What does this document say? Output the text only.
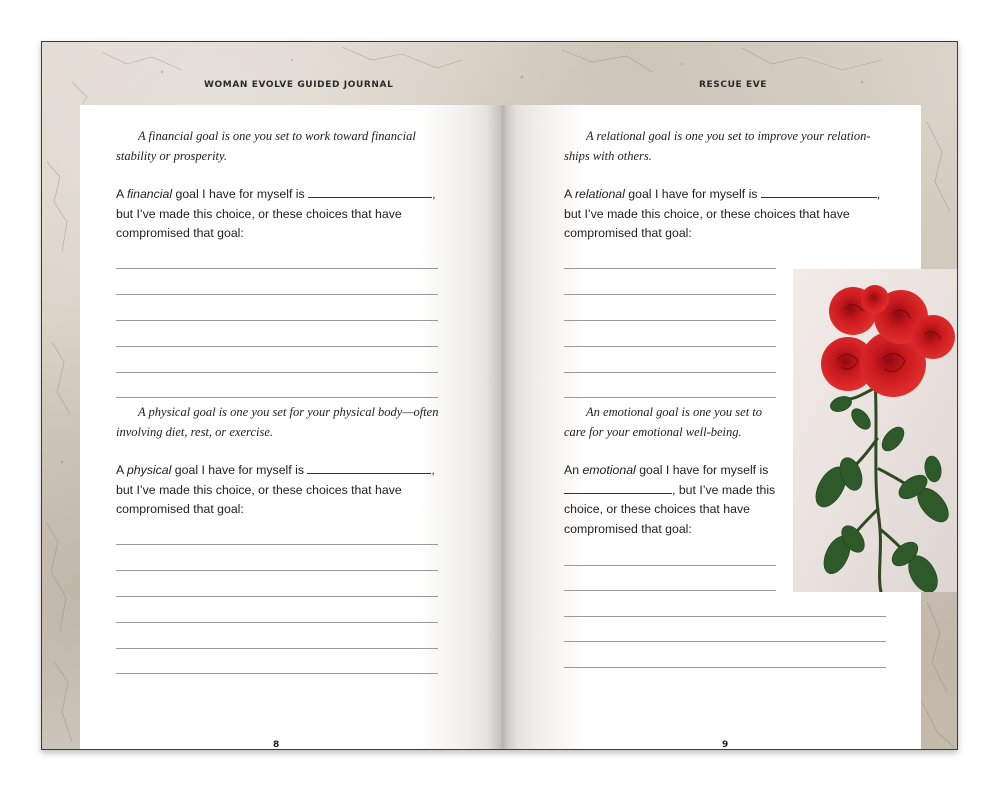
WOMAN EVOLVE GUIDED JOURNAL	RESCUE EVE
A financial goal is one you set to work toward financial stability or prosperity.
A financial goal I have for myself is	, but I’ve made this choice, or these choices that have compromised that goal:
A physical goal is one you set for your physical body—often involving diet, rest, or exercise.
A physical goal I have for myself is	, but I’ve made this choice, or these choices that have compromised that goal:
8
A relational goal is one you set to improve your relation-ships with others.
A relational goal I have for myself is	, but I’ve made this choice, or these choices that have compromised that goal:
An emotional goal is one you set to care for your emotional well-being.
An emotional goal I have for myself is , but I’ve made this choice, or these choices that have compromised that goal:
9
